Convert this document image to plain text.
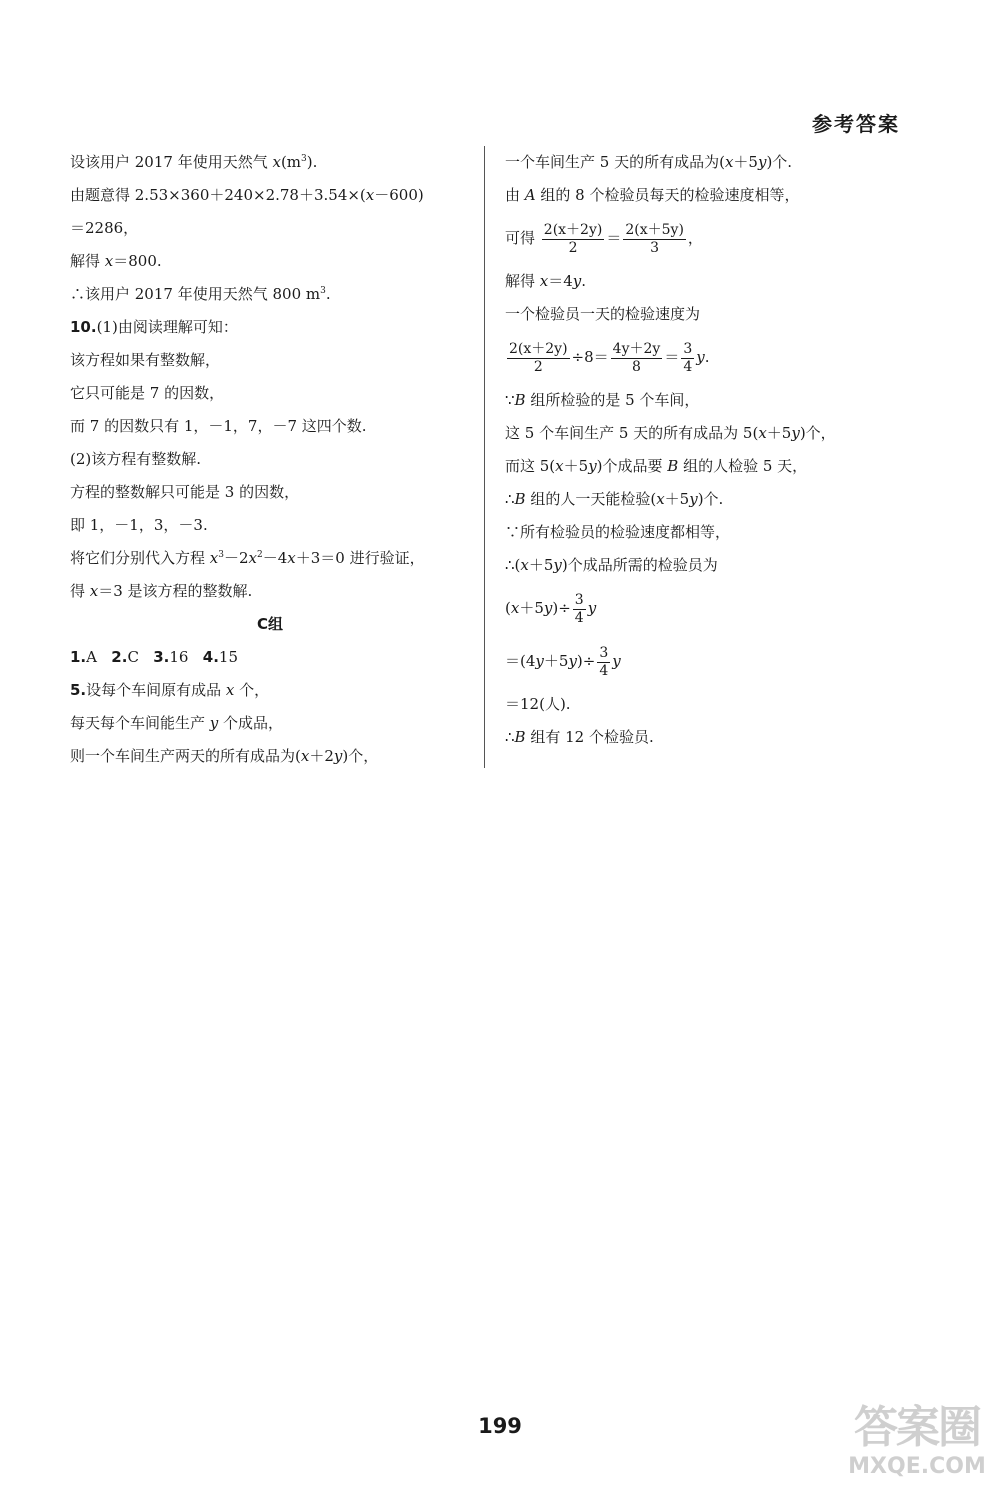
参考答案
设该用户 2017 年使用天然气 $x(m^3)$.
由题意得 2.53×360＋240×2.78＋3.54×(x－600)
＝2286，
解得 x＝800.
∴该用户 2017 年使用天然气 800 $m^3$.
10.(1)由阅读理解可知：
该方程如果有整数解，
它只可能是 7 的因数，
而 7 的因数只有 1，－1，7，－7 这四个数.
(2)该方程有整数解.
方程的整数解只可能是 3 的因数，
即 1，－1，3，－3.
将它们分别代入方程 $x^3-2x^2-4x+3=0$ 进行验证，
得 x＝3 是该方程的整数解.
C组
1.A 2.C 3.16 4.15
5.设每个车间原有成品 x 个，
每天每个车间能生产 y 个成品，
则一个车间生产两天的所有成品为(x＋2y)个，
一个车间生产 5 天的所有成品为(x＋5y)个.
由 A 组的 8 个检验员每天的检验速度相等，
可得 $\frac{2(x+2y)}{2} = \frac{2(x+5y)}{3}$ ，
解得 x＝4y.
一个检验员一天的检验速度为
$\frac{2(x+2y)}{2} \div 8= \frac{4y+2y}{8} = \frac{3}{4} y$.
∵B 组所检验的是 5 个车间，
这 5 个车间生产 5 天的所有成品为 5(x＋5y)个，
而这 5(x＋5y)个成品要 B 组的人检验 5 天，
∴B 组的人一天能检验(x＋5y)个.
∵所有检验员的检验速度都相等，
∴(x＋5y)个成品所需的检验员为
$(x+5y)\div \frac{3}{4}$ y
$=(4y+5y)\div \frac{3}{4}$ y
＝12(人).
∴B 组有 12 个检验员.
199	答案圈
MXQE.COM
